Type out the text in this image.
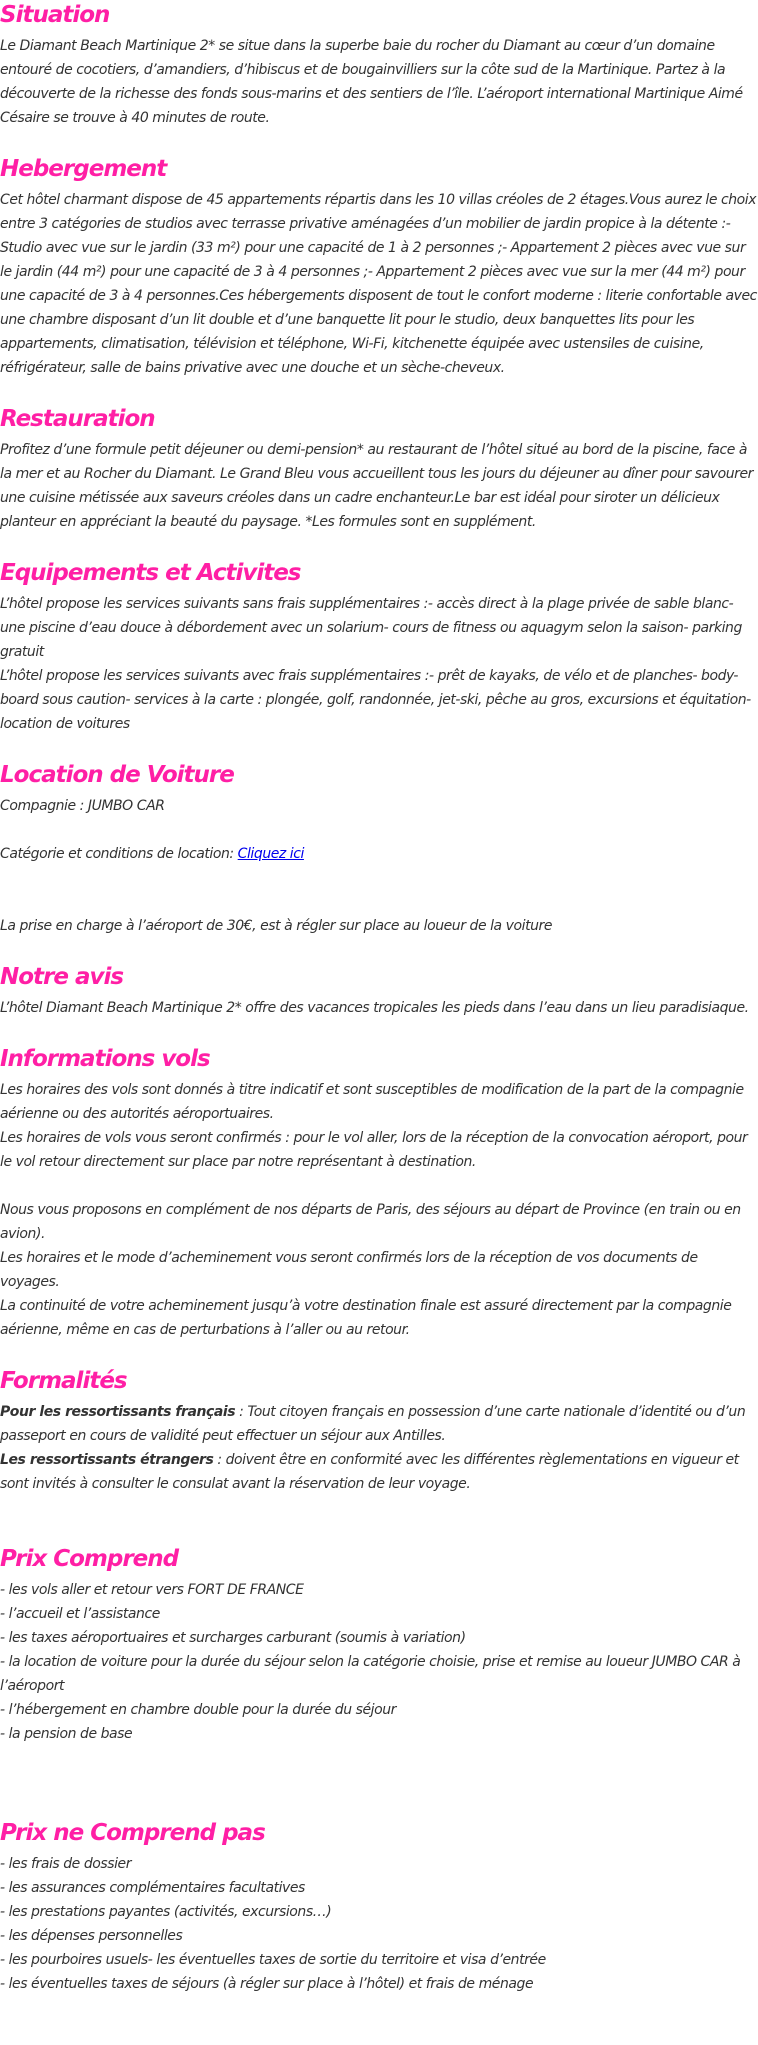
Situation

Le Diamant Beach Martinique 2* se situe dans la superbe baie du rocher du Diamant au cœur d’un domaine entouré de cocotiers, d’amandiers, d’hibiscus et de bougainvilliers sur la côte sud de la Martinique. Partez à la découverte de la richesse des fonds sous-marins et des sentiers de l’île. L’aéroport international Martinique Aimé Césaire se trouve à 40 minutes de route.

Hebergement

Cet hôtel charmant dispose de 45 appartements répartis dans les 10 villas créoles de 2 étages.Vous aurez le choix entre 3 catégories de studios avec terrasse privative aménagées d’un mobilier de jardin propice à la détente :- Studio avec vue sur le jardin (33 m²) pour une capacité de 1 à 2 personnes ;- Appartement 2 pièces avec vue sur le jardin (44 m²) pour une capacité de 3 à 4 personnes ;- Appartement 2 pièces avec vue sur la mer (44 m²) pour une capacité de 3 à 4 personnes.Ces hébergements disposent de tout le confort moderne : literie confortable avec une chambre disposant d’un lit double et d’une banquette lit pour le studio, deux banquettes lits pour les appartements, climatisation, télévision et téléphone, Wi-Fi, kitchenette équipée avec ustensiles de cuisine, réfrigérateur, salle de bains privative avec une douche et un sèche-cheveux.

Restauration

Profitez d’une formule petit déjeuner ou demi-pension* au restaurant de l’hôtel situé au bord de la piscine, face à la mer et au Rocher du Diamant. Le Grand Bleu vous accueillent tous les jours du déjeuner au dîner pour savourer une cuisine métissée aux saveurs créoles dans un cadre enchanteur.Le bar est idéal pour siroter un délicieux planteur en appréciant la beauté du paysage. *Les formules sont en supplément.

Equipements et Activites

L’hôtel propose les services suivants sans frais supplémentaires :- accès direct à la plage privée de sable blanc- une piscine d’eau douce à débordement avec un solarium- cours de fitness ou aquagym selon la saison- parking gratuit

L’hôtel propose les services suivants avec frais supplémentaires :- prêt de kayaks, de vélo et de planches- body-board sous caution- services à la carte : plongée, golf, randonnée, jet-ski, pêche au gros, excursions et équitation- location de voitures

Location de Voiture

Compagnie : JUMBO CAR

Catégorie et conditions de location: Cliquez ici

La prise en charge à l’aéroport de 30€, est à régler sur place au loueur de la voiture

Notre avis

L’hôtel Diamant Beach Martinique 2* offre des vacances tropicales les pieds dans l’eau dans un lieu paradisiaque.

Informations vols

Les horaires des vols sont donnés à titre indicatif et sont susceptibles de modification de la part de la compagnie aérienne ou des autorités aéroportuaires.

Les horaires de vols vous seront confirmés : pour le vol aller, lors de la réception de la convocation aéroport, pour le vol retour directement sur place par notre représentant à destination.

Nous vous proposons en complément de nos départs de Paris, des séjours au départ de Province (en train ou en avion).

Les horaires et le mode d’acheminement vous seront confirmés lors de la réception de vos documents de voyages.

La continuité de votre acheminement jusqu’à votre destination finale est assuré directement par la compagnie aérienne, même en cas de perturbations à l’aller ou au retour.

Formalités

Pour les ressortissants français : Tout citoyen français en possession d’une carte nationale d’identité ou d’un passeport en cours de validité peut effectuer un séjour aux Antilles.

Les ressortissants étrangers : doivent être en conformité avec les différentes règlementations en vigueur et sont invités à consulter le consulat avant la réservation de leur voyage.

Prix Comprend

- les vols aller et retour vers FORT DE FRANCE

- l’accueil et l’assistance

- les taxes aéroportuaires et surcharges carburant (soumis à variation)

- la location de voiture pour la durée du séjour selon la catégorie choisie, prise et remise au loueur JUMBO CAR à l’aéroport

- l’hébergement en chambre double pour la durée du séjour

- la pension de base

Prix ne Comprend pas

- les frais de dossier

- les assurances complémentaires facultatives

- les prestations payantes (activités, excursions…)

- les dépenses personnelles

- les pourboires usuels- les éventuelles taxes de sortie du territoire et visa d’entrée

- les éventuelles taxes de séjours (à régler sur place à l’hôtel) et frais de ménage
